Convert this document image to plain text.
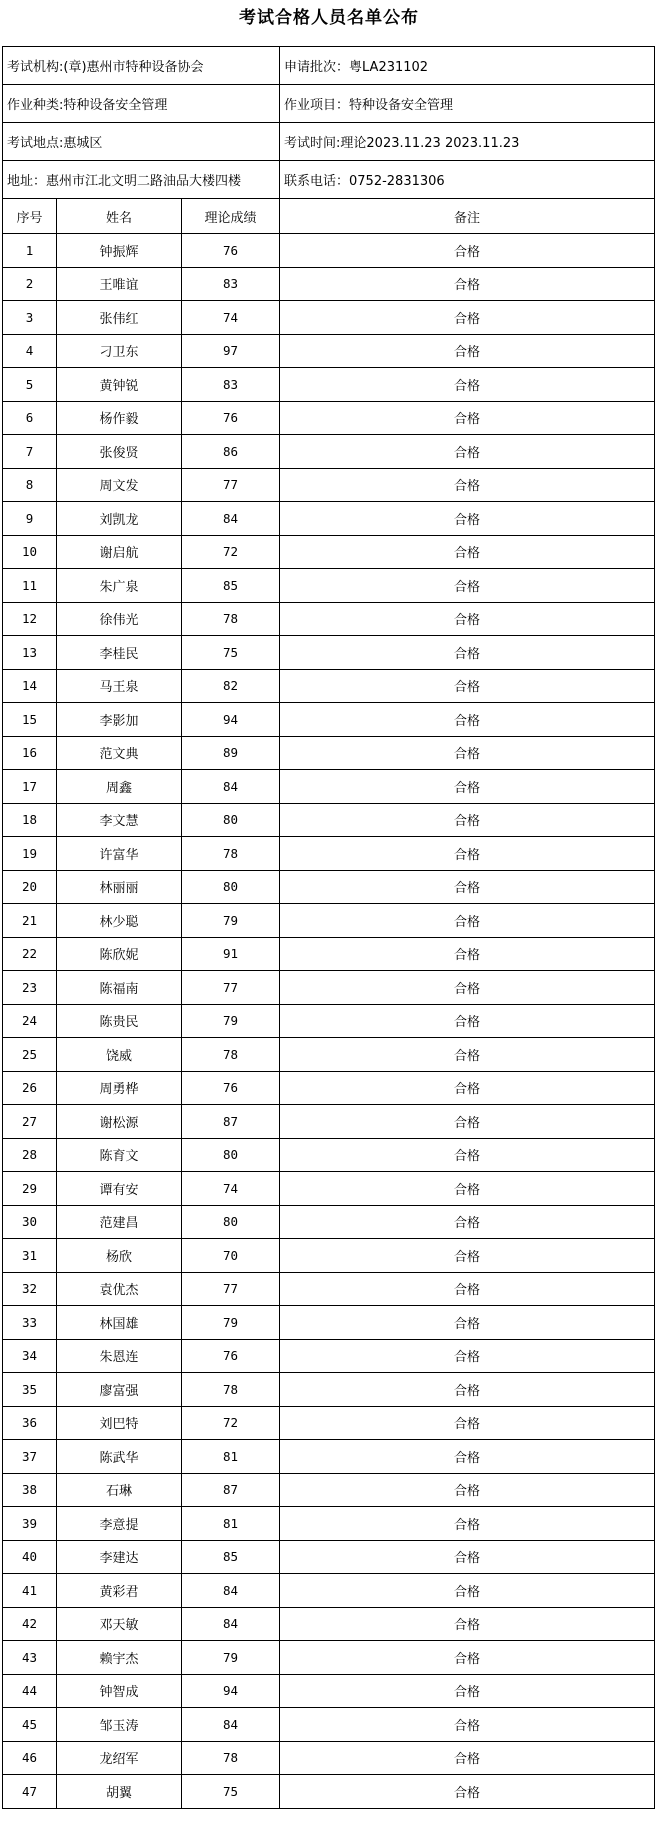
考试合格人员名单公布
考试机构:(章)惠州市特种设备协会			申请批次：粤LA231102
作业种类:特种设备安全管理			作业项目：特种设备安全管理
考试地点:惠城区			考试时间:理论2023.11.23 2023.11.23
地址：惠州市江北文明二路油品大楼四楼			联系电话：0752-2831306
序号	姓名	理论成绩	备注
1	钟振辉	76	合格
2	王唯谊	83	合格
3	张伟红	74	合格
4	刁卫东	97	合格
5	黄钟锐	83	合格
6	杨作毅	76	合格
7	张俊贤	86	合格
8	周文发	77	合格
9	刘凯龙	84	合格
10	谢启航	72	合格
11	朱广泉	85	合格
12	徐伟光	78	合格
13	李桂民	75	合格
14	马王泉	82	合格
15	李影加	94	合格
16	范文典	89	合格
17	周鑫	84	合格
18	李文慧	80	合格
19	许富华	78	合格
20	林丽丽	80	合格
21	林少聪	79	合格
22	陈欣妮	91	合格
23	陈福南	77	合格
24	陈贵民	79	合格
25	饶威	78	合格
26	周勇桦	76	合格
27	谢松源	87	合格
28	陈育文	80	合格
29	谭有安	74	合格
30	范建昌	80	合格
31	杨欣	70	合格
32	袁优杰	77	合格
33	林国雄	79	合格
34	朱恩连	76	合格
35	廖富强	78	合格
36	刘巴特	72	合格
37	陈武华	81	合格
38	石琳	87	合格
39	李意提	81	合格
40	李建达	85	合格
41	黄彩君	84	合格
42	邓天敏	84	合格
43	赖宇杰	79	合格
44	钟智成	94	合格
45	邹玉涛	84	合格
46	龙绍军	78	合格
47	胡翼	75	合格
